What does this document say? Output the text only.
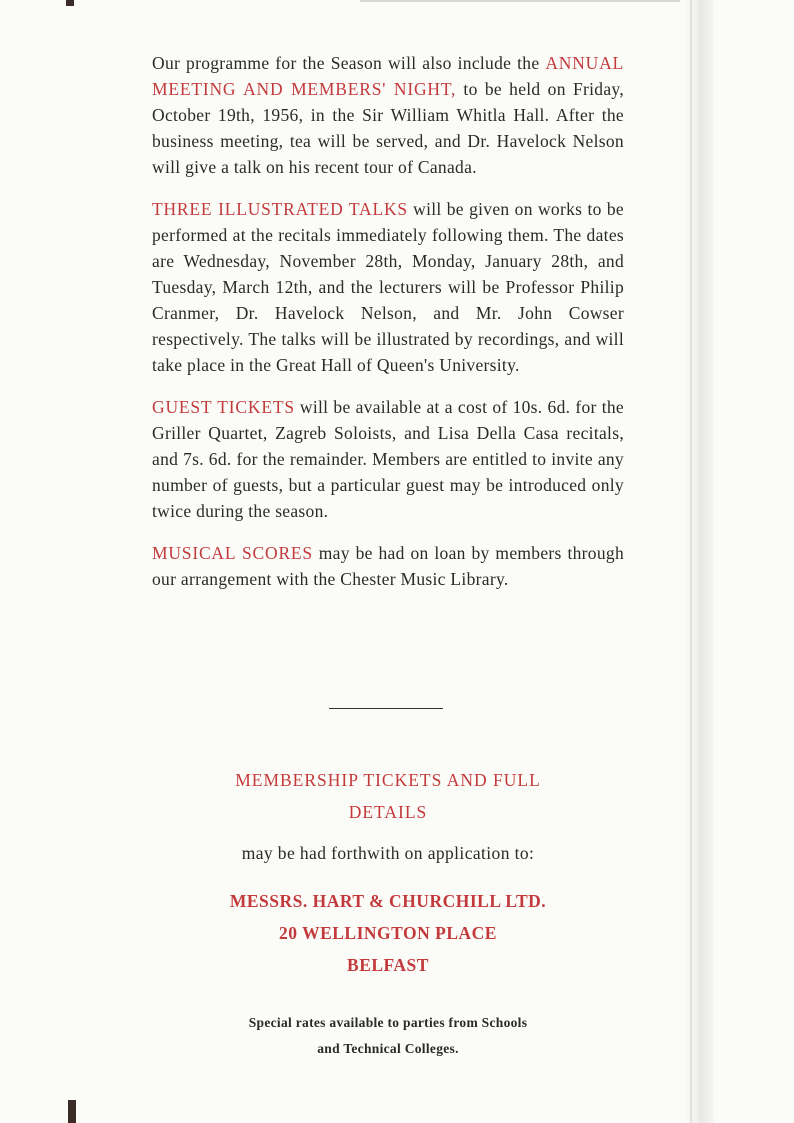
Our programme for the Season will also include the ANNUAL MEETING AND MEMBERS' NIGHT, to be held on Friday, October 19th, 1956, in the Sir William Whitla Hall. After the business meeting, tea will be served, and Dr. Havelock Nelson will give a talk on his recent tour of Canada.

THREE ILLUSTRATED TALKS will be given on works to be performed at the recitals immediately following them. The dates are Wednesday, November 28th, Monday, January 28th, and Tuesday, March 12th, and the lecturers will be Professor Philip Cranmer, Dr. Havelock Nelson, and Mr. John Cowser respectively. The talks will be illustrated by recordings, and will take place in the Great Hall of Queen's University.

GUEST TICKETS will be available at a cost of 10s. 6d. for the Griller Quartet, Zagreb Soloists, and Lisa Della Casa recitals, and 7s. 6d. for the remainder. Members are entitled to invite any number of guests, but a particular guest may be introduced only twice during the season.

MUSICAL SCORES may be had on loan by members through our arrangement with the Chester Music Library.

MEMBERSHIP TICKETS AND FULL
DETAILS
may be had forthwith on application to:
MESSRS. HART & CHURCHILL LTD.
20 WELLINGTON PLACE
BELFAST
Special rates available to parties from Schools
and Technical Colleges.
